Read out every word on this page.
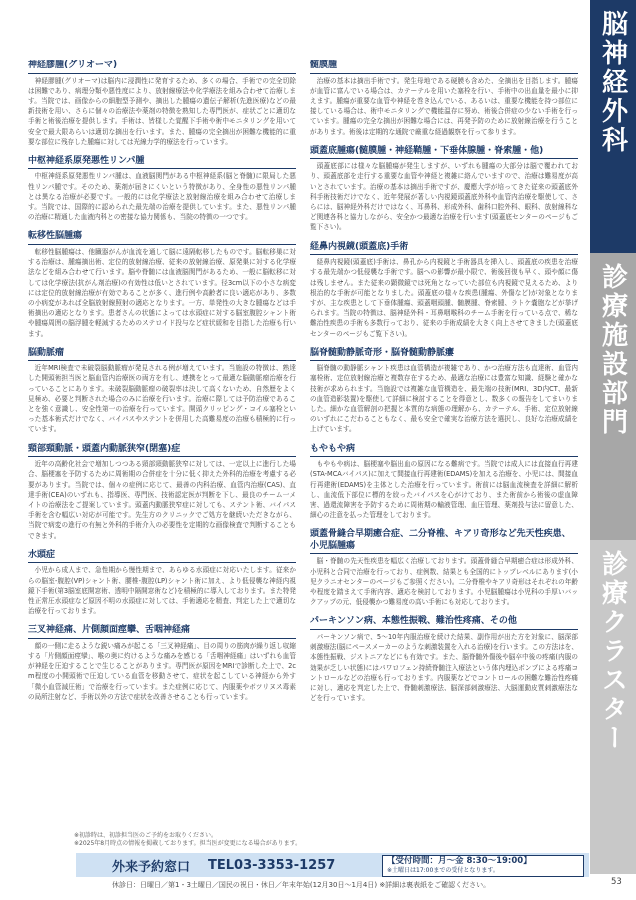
脳神経外科
診療施設部門
診療クラスター
神経膠腫(グリオーマ)
神経膠腫(グリオーマ)は脳内に浸潤性に発育するため、多くの場合、手術での完全切除は困難であり、病理分類や悪性度により、放射線療法や化学療法を組み合わせて治療します。当院では、画像からの細胞型予測や、摘出した腫瘍の遺伝子解析(先進医療)などの最新技術を用い、さらに個々の治療法や薬剤の特徴を熟知した専門医が、症状ごとに適切な手術と術後治療を提供します。手術は、皆様した覚醒下手術や術中モニタリングを用いて安全で最大限あらいは適切な摘出を行います。また、腫瘍の完全摘出が困難な機能的に重要な部位に残存した腫瘍に対しては光線力学的療法を行っています。
中枢神経系原発悪性リンパ腫
中枢神経系原発悪性リンパ腫は、血液脳関門がある中枢神経系(脳と脊髄)に限局した悪性リンパ腫です。そのため、薬剤が届きにくいという特徴があり、全身性の悪性リンパ腫とは異なる治療が必要です。一般的には化学療法と放射線治療を組み合わせて治療します。当院では、国際的に認められた最先端の治療を提供しています。また、悪性リンパ腫の治療に精通した血液内科との密接な協力関係も、当院の特徴の一つです。
転移性脳腫瘍
転移性脳腫瘍は、他臓器がんが血流を通して脳に遠隔転移したものです。脳転移巣に対する治療は、腫瘍摘出術、定位的放射線治療、従来の放射線治療、原発巣に対する化学療法などを組み合わせて行います。脳や脊髄には血液脳関門があるため、一般に脳転移に対しては化学療法(抗がん剤治療)の有効性は低いとされています。径3cm以下の小さな病変には定位的放射線治療が有効であることが多く、進行例や高齢者に良い適応があり、多数の小病変があれば全脳放射線照射の適応となります。一方、単発性の大きな腫瘍などは手術摘出の適応となります。患者さんの状態によっては水頭症に対する脳室腹腔シャント術や腫瘍周囲の脳浮腫を軽減するためのステロイド投与など症状緩和を目指した治療も行います。
脳動脈瘤
近年MRI検査で未破裂脳動脈瘤が発見される例が増えています。当施設の特徴は、熟達した開頭術担当医と脳血管内治療医の両方を有し、連携をとって最適な脳動脈瘤治療を行っていることにあります。未破裂脳動脈瘤の破裂率は決して高くないため、自然歴をよく見極め、必要と判断された場合のみに治療を行います。治療に際しては予防治療であることを強く意識し、安全性第一の治療を行っています。開頭クリッピング・コイル塞栓といった基本術式だけでなく、バイパスやステントを併用した高難易度の治療も積極的に行っています。
頸部頸動脈・頭蓋内動脈狭窄(閉塞)症
近年の高齢化社会で増加しつつある頸部頸動脈狭窄に対しては、一定以上に進行した場合、脳梗塞を予防するために周術期の合併症を十分に低く抑えた外科的治療を考慮する必要があります。当院では、個々の症例に応じて、最善の内科治療、血管内治療(CAS)、直達手術(CEA)のいずれも、指導医、専門医、技術認定医が判断を下し、最良のチーム一メイトの治療法をご提案しています。頭蓋内動脈狭窄症に対しても、ステント術、バイパス手術を含む幅広い対応が可能です。先生方のクリニックでご処方を継続いただきながら、当院で病変の進行の有無と外科的手術介入の必要性を定期的な画像検査で判断することもできます。
水頭症
小児から成人まで、急性期から慢性期まで、あらゆる水頭症に対応いたします。従来からの脳室-腹腔(VP)シャント術、腰椎-腹腔(LP)シャント術に加え、より低侵襲な神経内視鏡下手術(第3脳室底開窓術、透明中隔開窓術など)を積極的に導入しております。また特発性正常圧水頭症など原因不明の水頭症に対しては、手術適応を精査、判定した上で適切な治療を行っております。
三叉神経痛、片側顔面痙攣、舌咽神経痛
顔の一側に走るような鋭い痛みが起こる「三叉神経痛」、目の周りの筋肉が繰り返し収縮する「片側顔面痙攣」、喉の奥に灼けるような痛みを感じる「舌咽神経痛」はいずれも血管が神経を圧迫することで生じることがあります。専門医が原因をMRIで診断した上で、2cm程度の小開頭術で圧迫している血管を移動させて、症状を起こしている神経から外す「微小血管減圧術」で治療を行っています。また症例に応じて、内服薬やボツリヌス毒素の局所注射など、手術以外の方法で症状を改善させることも行っています。
髄膜腫
治療の基本は摘出手術です。発生母地である硬膜も含めた、全摘出を目指します。腫瘍が血管に富んでいる場合は、カテーテルを用いた塞栓を行い、手術中の出血量を最小に抑えます。腫瘍が重要な血管や神経を巻き込んでいる、あるいは、重要な機能を持つ部位に接している場合は、術中モニタリングで機能温存に努め、術後合併症の少ない手術を行っています。腫瘍の完全な摘出が困難な場合には、再発予防のために放射線治療を行うことがあります。術後は定期的な通院で厳重な経過観察を行って参ります。
頭蓋底腫瘍(髄膜腫・神経鞘腫・下垂体腺腫・脊索腫・他)
頭蓋底部には様々な脳腫瘍が発生しますが、いずれも腫瘍の大部分は脳で覆われており、頭蓋底部を走行する重要な血管や神経と複雑に絡んでいますので、治療は難易度が高いとされています。治療の基本は摘出手術ですが、慶應大学が培ってきた従来の頭蓋底外科手術技術だけでなく、近年発展が著しい内視鏡頭蓋底外科や血管内治療を駆使して、さらには、脳神経外科だけではなく、耳鼻科、形成外科、歯科口腔外科、眼科、放射線科など関連各科と協力しながら、安全かつ最適な治療を行います(頭蓋底センターのページもご覧下さい)。
経鼻内視鏡(頭蓋底)手術
経鼻内視鏡(頭蓋底)手術は、鼻孔から内視鏡と手術器具を挿入し、頭蓋底の疾患を治療する最先端かつ低侵襲な手術です。脳への影響が最小限で、術後回復も早く、頭や顔に傷は残しません。また従来の顕微鏡では死角となっていた部位も内視鏡で見えるため、より根治的な手術が可能となりました。頭蓋底の様々な疾患(腫瘍、外傷など)が対象となりますが、主な疾患として下垂体腫瘍、頭蓋咽頭腫、髄膜腫、脊索腫、ラトケ嚢胞などが挙げられます。当院の特徴は、脳神経外科・耳鼻咽喉科のチーム手術を行っている点で、稀な難治性疾患の手術も多数行っており、従来の手術成績を大きく向上させてきました(頭蓋底センターのページもご覧下さい)。
脳脊髄動静脈奇形・脳脊髄動静脈瘻
脳脊髄の動静脈シャント疾患は血管構造が複雑であり、かつ治療方法も直達術、血管内塞栓術、定位放射線治療と複数存在するため、最適な治療には豊富な知識、経験と確かな技術が求められます。当施設では複雑な血管構造を、最先端の技術(MRI、3D内CT、最新の血管造影装置)を駆使して詳細に検討することを得意とし、数多くの報告をしてまいりました。細かな血管解剖の把握と本質的な病態の理解から、カテーテル、手術、定位放射線のいずれにこだわることもなく、最も安全で確実な治療方法を選択し、良好な治療成績を上げています。
もやもや病
もやもや病は、脳梗塞や脳出血の原因になる難病です。当院では成人には直接血行再建(STA-MCAバイパス)に加えて間接血行再建術(EDAMS)を加える治療を、小児には、間接血行再建術(EDAMS)を主体とした治療を行っています。術前には脳血流検査を詳細に解析し、血流低下部位に標的を絞ったバイパスを心がけており、また術前から術後の虚血障害、過還流障害を予防するために周術期の輸液管理、血圧管理、薬剤投与法に留意した、細心の注意を払った管理をしております。
頭蓋骨縫合早期癒合症、二分脊椎、キアリ奇形など先天性疾患、小児脳腫瘍
脳・脊髄の先天性疾患を幅広く治療しております。頭蓋骨縫合早期癒合症は形成外科、小児科と合同で治療を行っており、症例数、結果とも全国的にトップレベルにあります(小児クラニオセンターのページもご参照ください)。二分脊椎やキアリ奇形はそれぞれの年齢や程度を踏まえて手術内容、適応を検討しております。小児脳腫瘍は小児科の手厚いバックアップの元、低侵襲かつ難易度の高い手術にも対応しております。
パーキンソン病、本態性振戦、難治性疼痛、その他
パーキンソン病で、5〜10年内服治療を続けた結果、副作用が出た方を対象に、脳深部刺激療法(脳にペースメーカーのような刺激装置を入れる治療)を行います。この方法はを、本態性振戦、ジストニアなどにも有効です。また、脳脊髄外傷後や脳卒中後の疼痛(内服の効果が乏しい状態)にはパワロフェン持続脊髄注入療法という体内埋込ポンプによる疼痛コントロールなどの治療も行っております。内服薬などでコントロールの困難な難治性疼痛に対し、適応を判定した上で、脊髄刺激療法、脳深部刺激療法、大脳運動皮質刺激療法などを行っています。
※初診時は、初診担当医のご予約をお取りください。
※2025年8月時点の情報を掲載しております。担当医が変更になる場合があります。
外来予約窓口 TEL03-3353-1257	【受付時間：月〜金 8:30〜19:00】
※土曜日は17:00までの受付となります。
休診日：日曜日／第1・3土曜日／国民の祝日・休日／年末年始(12月30日〜1月4日) ※詳細は裏表紙をご確認ください。	53
